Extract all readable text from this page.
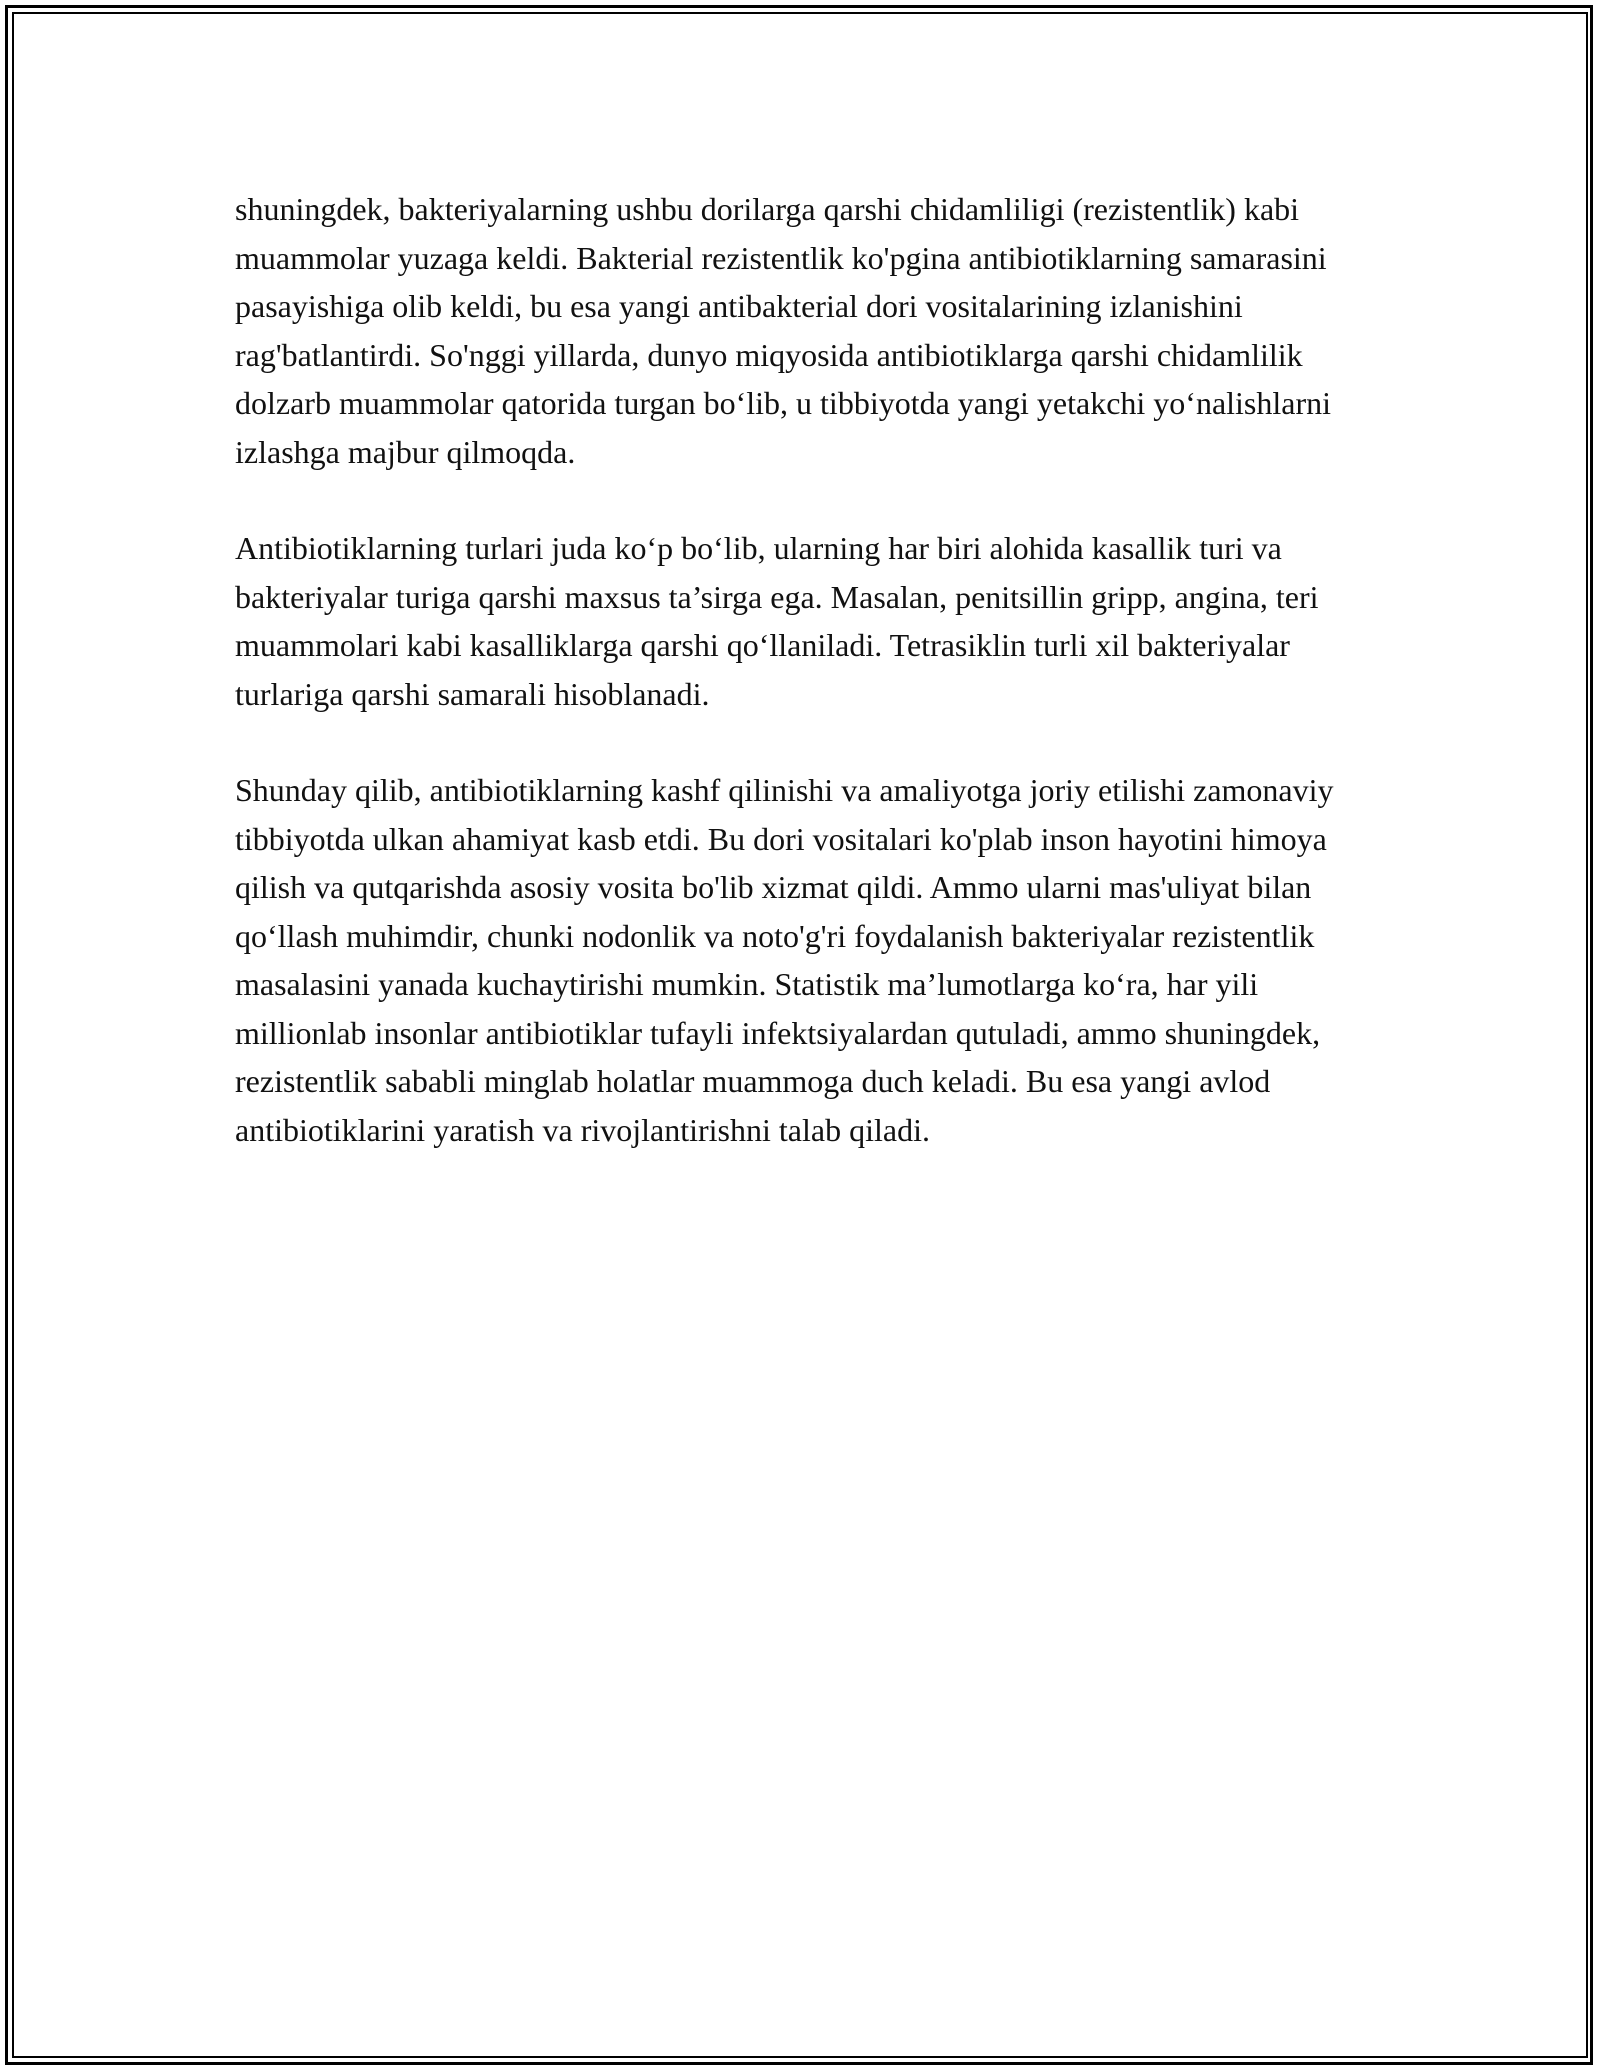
shuningdek, bakteriyalarning ushbu dorilarga qarshi chidamliligi (rezistentlik) kabi muammolar yuzaga keldi. Bakterial rezistentlik ko'pgina antibiotiklarning samarasini pasayishiga olib keldi, bu esa yangi antibakterial dori vositalarining izlanishini rag'batlantirdi. So'nggi yillarda, dunyo miqyosida antibiotiklarga qarshi chidamlilik dolzarb muammolar qatorida turgan bo‘lib, u tibbiyotda yangi yetakchi yo‘nalishlarni izlashga majbur qilmoqda.

Antibiotiklarning turlari juda ko‘p bo‘lib, ularning har biri alohida kasallik turi va bakteriyalar turiga qarshi maxsus ta’sirga ega. Masalan, penitsillin gripp, angina, teri muammolari kabi kasalliklarga qarshi qo‘llaniladi. Tetrasiklin turli xil bakteriyalar turlariga qarshi samarali hisoblanadi.

Shunday qilib, antibiotiklarning kashf qilinishi va amaliyotga joriy etilishi zamonaviy tibbiyotda ulkan ahamiyat kasb etdi. Bu dori vositalari ko'plab inson hayotini himoya qilish va qutqarishda asosiy vosita bo'lib xizmat qildi. Ammo ularni mas'uliyat bilan qo‘llash muhimdir, chunki nodonlik va noto'g'ri foydalanish bakteriyalar rezistentlik masalasini yanada kuchaytirishi mumkin. Statistik ma’lumotlarga ko‘ra, har yili millionlab insonlar antibiotiklar tufayli infektsiyalardan qutuladi, ammo shuningdek, rezistentlik sababli minglab holatlar muammoga duch keladi. Bu esa yangi avlod antibiotiklarini yaratish va rivojlantirishni talab qiladi.
